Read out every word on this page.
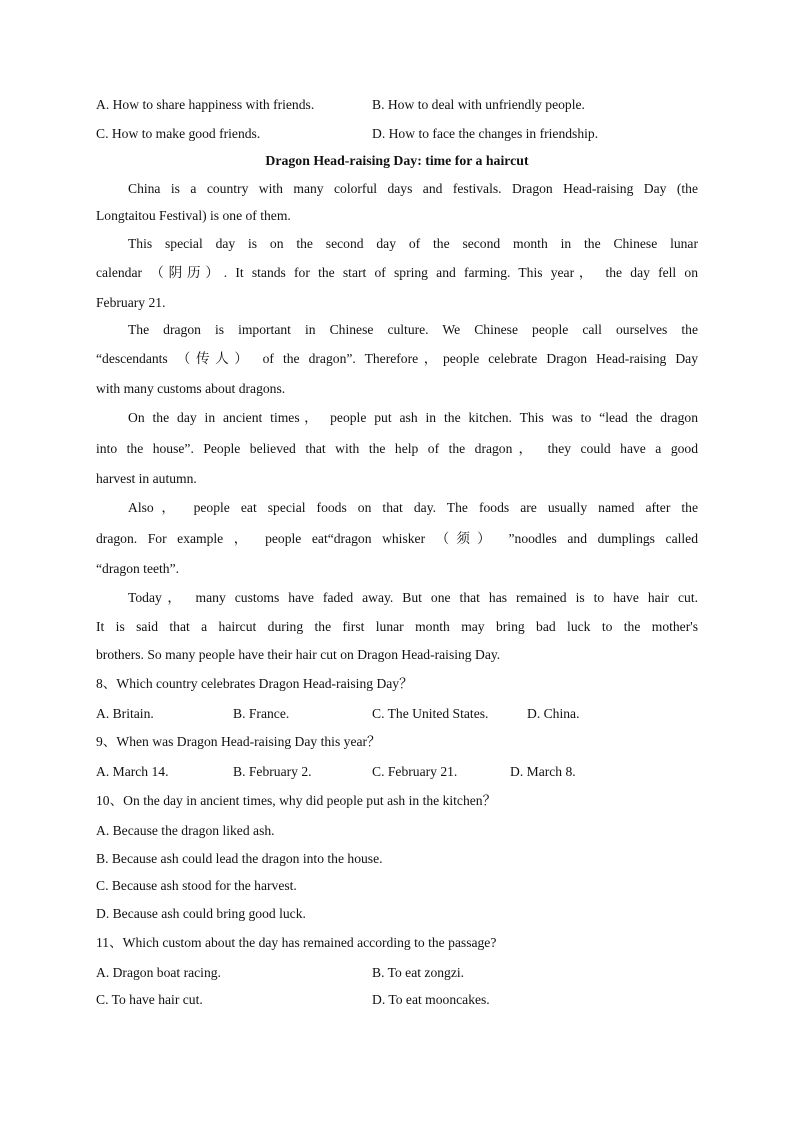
A. How to share happiness with friends.	B. How to deal with unfriendly people.
C. How to make good friends.	D. How to face the changes in friendship.
Dragon Head-raising Day: time for a haircut
China is a country with many colorful days and festivals. Dragon Head-raising Day (the
Longtaitou Festival) is one of them.
This special day is on the second day of the second month in the Chinese lunar
calendar （阴历）. It stands for the start of spring and farming. This year， the day fell on
February 21.
The dragon is important in Chinese culture. We Chinese people call ourselves the
“descendants （传人） of the dragon”. Therefore，people celebrate Dragon Head-raising Day
with many customs about dragons.
On the day in ancient times， people put ash in the kitchen. This was to “lead the dragon
into the house”. People believed that with the help of the dragon， they could have a good
harvest in autumn.
Also， people eat special foods on that day. The foods are usually named after the
dragon. For example ， people eat“dragon whisker （须） ”noodles and dumplings called
“dragon teeth”.
Today， many customs have faded away. But one that has remained is to have hair cut.
It is said that a haircut during the first lunar month may bring bad luck to the mother's
brothers. So many people have their hair cut on Dragon Head-raising Day.
8、Which country celebrates Dragon Head-raising Day？
A. Britain.	B. France.	C. The United States.	D. China.
9、When was Dragon Head-raising Day this year？
A. March 14.	B. February 2.	C. February 21.	D. March 8.
10、On the day in ancient times, why did people put ash in the kitchen？
A. Because the dragon liked ash.
B. Because ash could lead the dragon into the house.
C. Because ash stood for the harvest.
D. Because ash could bring good luck.
11、Which custom about the day has remained according to the passage?
A. Dragon boat racing.	B. To eat zongzi.
C. To have hair cut.	D. To eat mooncakes.
